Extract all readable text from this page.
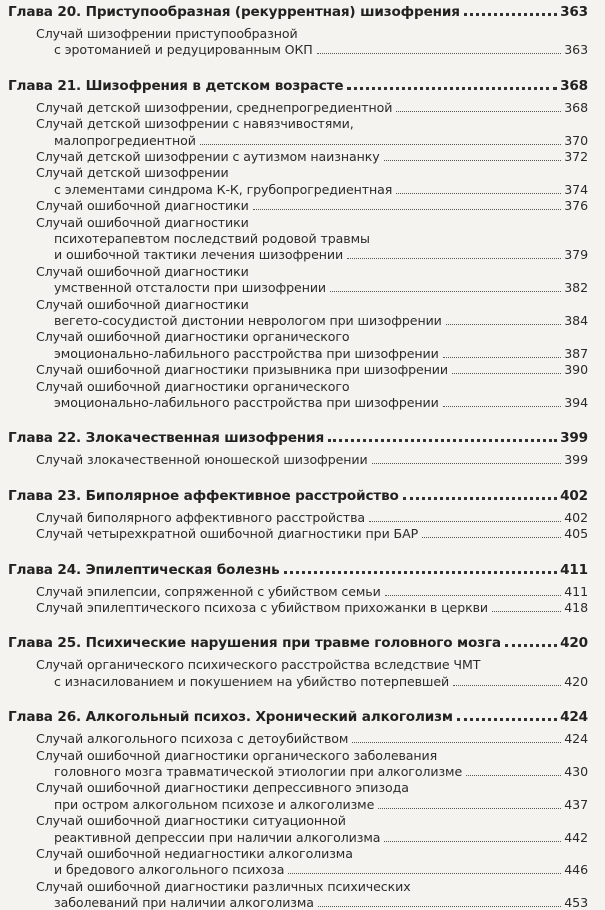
Глава 20. Приступообразная (рекуррентная) шизофрения	363
Случай шизофрении приступообразной
с эротоманией и редуцированным ОКП	363
Глава 21. Шизофрения в детском возрасте	368
Случай детской шизофрении, среднепрогредиентной	368
Случай детской шизофрении с навязчивостями,
малопрогредиентной	370
Случай детской шизофрении с аутизмом наизнанку	372
Случай детской шизофрении
с элементами синдрома К-К, грубопрогредиентная	374
Случай ошибочной диагностики	376
Случай ошибочной диагностики
психотерапевтом последствий родовой травмы
и ошибочной тактики лечения шизофрении	379
Случай ошибочной диагностики
умственной отсталости при шизофрении	382
Случай ошибочной диагностики
вегето-сосудистой дистонии неврологом при шизофрении	384
Случай ошибочной диагностики органического
эмоционально-лабильного расстройства при шизофрении	387
Случай ошибочной диагностики призывника при шизофрении	390
Случай ошибочной диагностики органического
эмоционально-лабильного расстройства при шизофрении	394
Глава 22. Злокачественная шизофрения	399
Случай злокачественной юношеской шизофрении	399
Глава 23. Биполярное аффективное расстройство	402
Случай биполярного аффективного расстройства	402
Случай четырехкратной ошибочной диагностики при БАР	405
Глава 24. Эпилептическая болезнь	411
Случай эпилепсии, сопряженной с убийством семьи	411
Случай эпилептического психоза с убийством прихожанки в церкви	418
Глава 25. Психические нарушения при травме головного мозга	420
Случай органического психического расстройства вследствие ЧМТ
с изнасилованием и покушением на убийство потерпевшей	420
Глава 26. Алкогольный психоз. Хронический алкоголизм	424
Случай алкогольного психоза с детоубийством	424
Случай ошибочной диагностики органического заболевания
головного мозга травматической этиологии при алкоголизме	430
Случай ошибочной диагностики депрессивного эпизода
при остром алкогольном психозе и алкоголизме	437
Случай ошибочной диагностики ситуационной
реактивной депрессии при наличии алкоголизма	442
Случай ошибочной недиагностики алкоголизма
и бредового алкогольного психоза	446
Случай ошибочной диагностики различных психических
заболеваний при наличии алкоголизма	453
